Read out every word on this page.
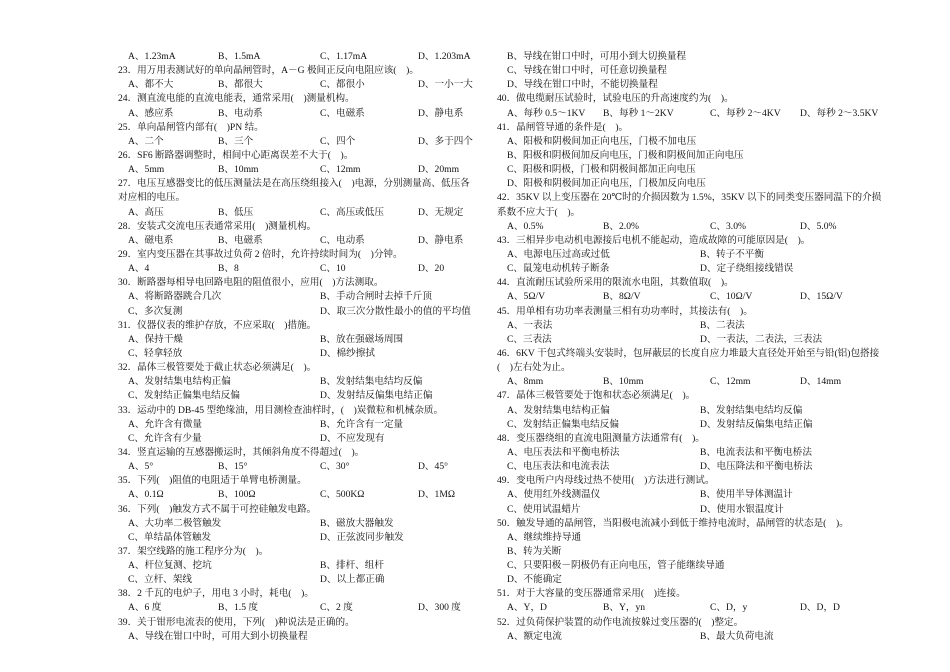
A、1.23mA	B、1.5mA	C、1.17mA	D、1.203mA
23．用万用表测试好的单向晶闸管时，A－G 极间正反向电阻应该(    )。
A、都不大	B、都很大	C、都很小	D、一小一大
24．测直流电能的直流电能表，通常采用(    )测量机构。
A、感应系	B、电动系	C、电磁系	D、静电系
25．单向晶闸管内部有(    )PN 结。
A、二个	B、三个	C、四个	D、多于四个
26．SF6 断路器调整时，相间中心距离误差不大于(    )。
A、5mm	B、10mm	C、12mm	D、20mm
27．电压互感器变比的低压测量法是在高压绕组接入(    )电源，分别测量高、低压各
对应相的电压。
A、高压	B、低压	C、高压或低压	D、无规定
28．安装式交流电压表通常采用(    )测量机构。
A、磁电系	B、电磁系	C、电动系	D、静电系
29．室内变压器在其事故过负荷 2 倍时，允许持续时间为(    )分钟。
A、4	B、8	C、10	D、20
30．断路器每相导电回路电阻的阻值很小，应用(    )方法测取。
A、将断路器跳合几次	B、手动合闸时去掉千斤顶
C、多次复测	D、取三次分散性最小的值的平均值
31．仪器仪表的维护存放，不应采取(    )措施。
A、保持干燥	B、放在强磁场周围
C、轻拿轻放	D、棉纱擦拭
32．晶体三极管要处于截止状态必须满足(    )。
A、发射结集电结构正偏	B、发射结集电结均反偏
C、发射结正偏集电结反偏	D、发射结反偏集电结正偏
33．运动中的 DB-45 型绝缘油，用目测检查油样时，(    )炭微粒和机械杂质。
A、允许含有微量	B、允许含有一定量
C、允许含有少量	D、不应发现有
34．竖直运输的互感器搬运时，其倾斜角度不得超过(    )。
A、5°	B、15°	C、30°	D、45°
35．下列(    )阻值的电阻适于单臂电桥测量。
A、0.1Ω	B、100Ω	C、500KΩ	D、1MΩ
36．下列(    )触发方式不属于可控硅触发电路。
A、大功率二极管触发	B、磁放大器触发
C、单结晶体管触发	D、正弦波同步触发
37．架空线路的施工程序分为(    )。
A、杆位复测、挖坑	B、排杆、组杆
C、立杆、架线	D、以上都正确
38．2 千瓦的电炉子，用电 3 小时，耗电(    )。
A、6 度	B、1.5 度	C、2 度	D、300 度
39．关于钳形电流表的使用，下列(    )种说法是正确的。
A、导线在钳口中时，可用大到小切换量程
B、导线在钳口中时，可用小到大切换量程
C、导线在钳口中时，可任意切换量程
D、导线在钳口中时，不能切换量程
40．做电缆耐压试验时，试验电压的升高速度约为(    )。
A、每秒 0.5～1KV B、每秒 1～2KV	C、每秒 2～4KV D、每秒 2～3.5KV
41．晶闸管导通的条件是(    )。
A、阳极和阴极间加正向电压，门极不加电压
B、阳极和阴极间加反向电压，门极和阴极间加正向电压
C、阳极和阴极，门极和阴极间都加正向电压
D、阳极和阴极间加正向电压，门极加反向电压
42．35KV 以上变压器在 20℃时的介损因数为 1.5%，35KV 以下的同类变压器同温下的介损
系数不应大于(    )。
A、0.5%	B、2.0%	C、3.0%	D、5.0%
43．三相异步电动机电源接后电机不能起动，造成故障的可能原因是(    )。
A、电源电压过高或过低	B、转子不平衡
C、鼠笼电动机转子断条	D、定子绕组接线错误
44．直流耐压试验所采用的限流水电阻，其数值取(    )。
A、5Ω/V	B、8Ω/V	C、10Ω/V	D、15Ω/V
45．用单相有功功率表测量三相有功功率时，其接法有(    )。
A、一表法	B、二表法
C、三表法	D、一表法，二表法，三表法
46．6KV 干包式终端头安装时，包屏蔽层的长度自应力堆最大直径处开始至与铅(铝)包搭接
(    )左右处为止。
A、8mm	B、10mm	C、12mm	D、14mm
47．晶体三极管要处于饱和状态必须满足(    )。
A、发射结集电结构正偏	B、发射结集电结均反偏
C、发射结正偏集电结反偏	D、发射结反偏集电结正偏
48．变压器绕组的直流电阻测量方法通常有(    )。
A、电压表法和平衡电桥法	B、电流表法和平衡电桥法
C、电压表法和电流表法	D、电压降法和平衡电桥法
49．变电所户内母线过热不使用(    )方法进行测试。
A、使用红外线测温仪	B、使用半导体测温计
C、使用试温蜡片	D、使用水银温度计
50．触发导通的晶闸管，当阳极电流减小到低于维持电流时，晶闸管的状态是(    )。
A、继续维持导通
B、转为关断
C、只要阳极－阴极仍有正向电压，管子能继续导通
D、不能确定
51．对于大容量的变压器通常采用(    )连接。
A、Y，D	B、Y，yn	C、D，y	D、D，D
52．过负荷保护装置的动作电流按躲过变压器的(    )整定。
A、额定电流	B、最大负荷电流
